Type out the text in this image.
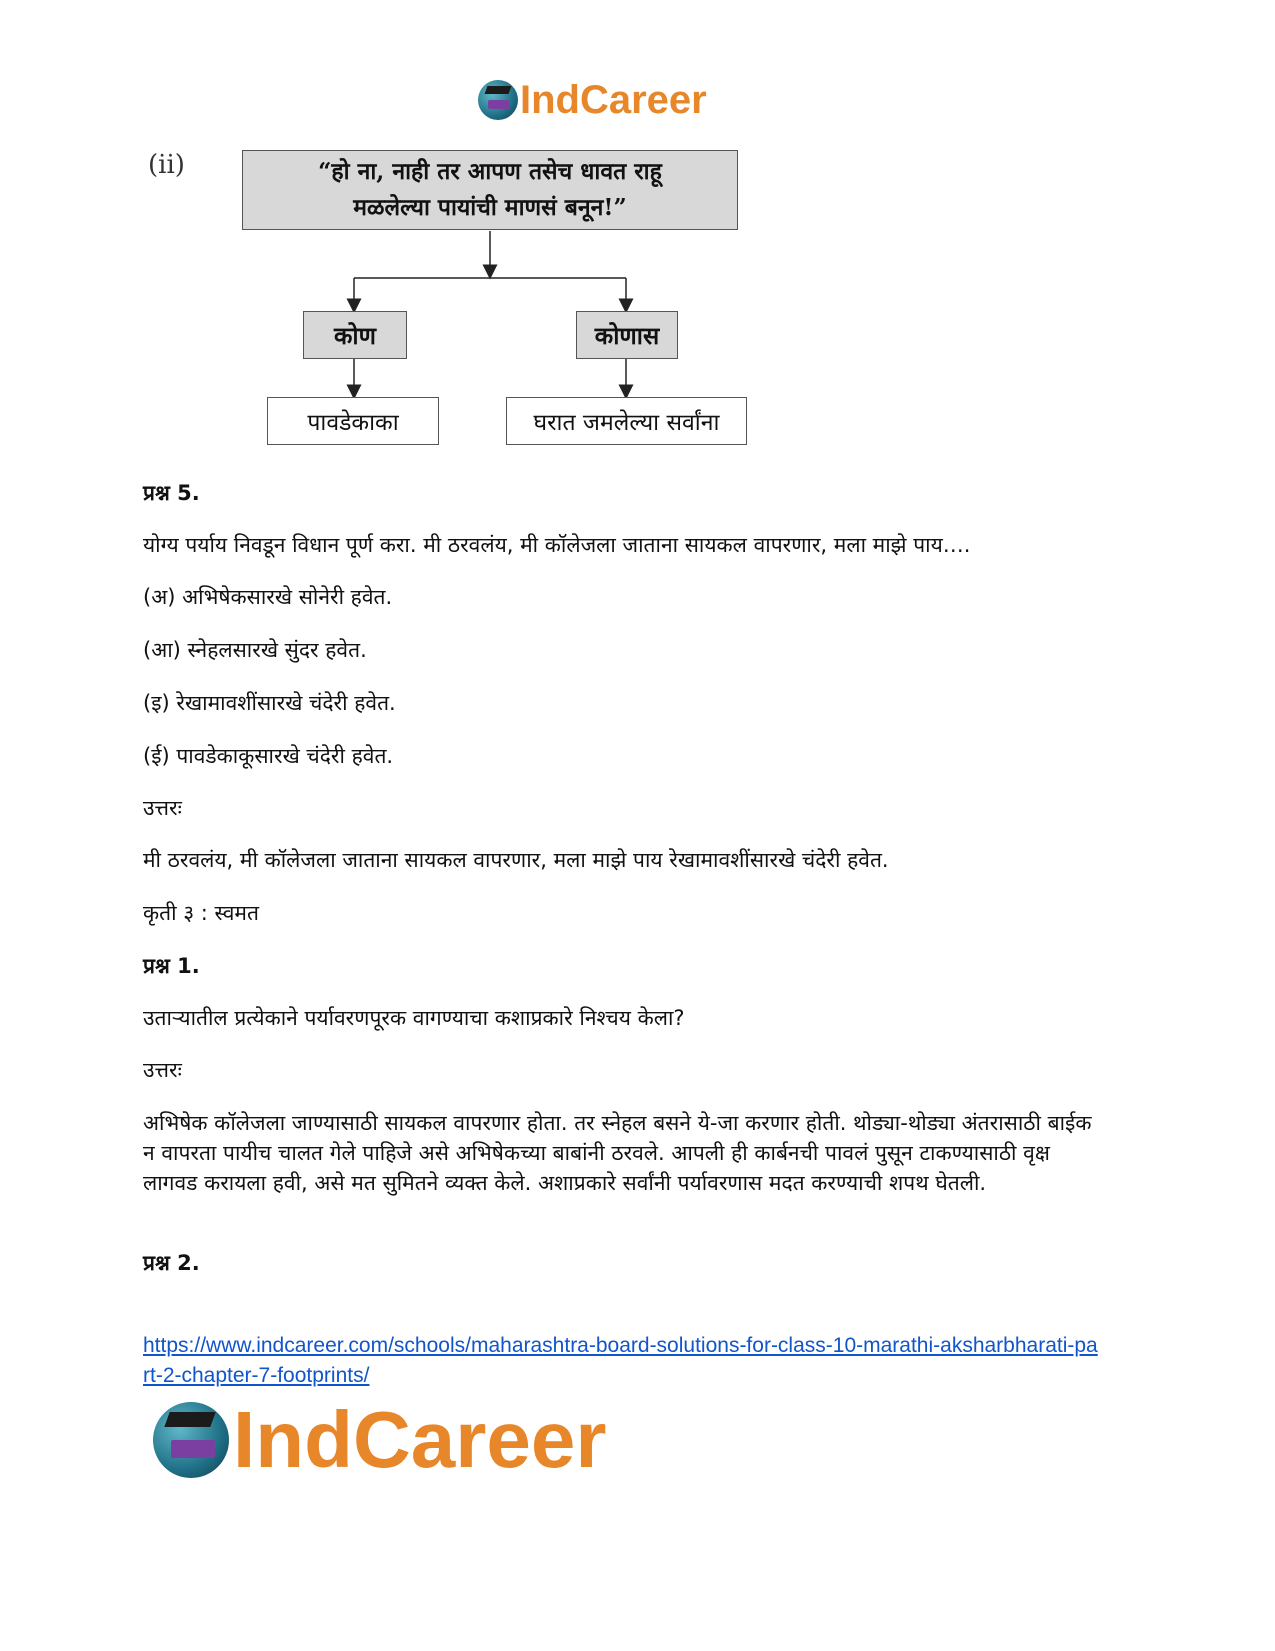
IndCareer
(ii)	“हो ना, नाही तर आपण तसेच धावत राहू मळलेल्या पायांची माणसं बनून!”
कोण	कोणास
पावडेकाका	घरात जमलेल्या सर्वांना
प्रश्न 5.
योग्य पर्याय निवडून विधान पूर्ण करा. मी ठरवलंय, मी कॉलेजला जाताना सायकल वापरणार, मला माझे पाय….
(अ) अभिषेकसारखे सोनेरी हवेत.
(आ) स्नेहलसारखे सुंदर हवेत.
(इ) रेखामावशींसारखे चंदेरी हवेत.
(ई) पावडेकाकूसारखे चंदेरी हवेत.
उत्तरः
मी ठरवलंय, मी कॉलेजला जाताना सायकल वापरणार, मला माझे पाय रेखामावशींसारखे चंदेरी हवेत.
कृती ३ : स्वमत
प्रश्न 1.
उताऱ्यातील प्रत्येकाने पर्यावरणपूरक वागण्याचा कशाप्रकारे निश्चय केला?
उत्तरः
अभिषेक कॉलेजला जाण्यासाठी सायकल वापरणार होता. तर स्नेहल बसने ये-जा करणार होती. थोड्या-थोड्या अंतरासाठी बाईक न वापरता पायीच चालत गेले पाहिजे असे अभिषेकच्या बाबांनी ठरवले. आपली ही कार्बनची पावलं पुसून टाकण्यासाठी वृक्ष लागवड करायला हवी, असे मत सुमितने व्यक्त केले. अशाप्रकारे सर्वांनी पर्यावरणास मदत करण्याची शपथ घेतली.
प्रश्न 2.
https://www.indcareer.com/schools/maharashtra-board-solutions-for-class-10-marathi-aksharbharati-part-2-chapter-7-footprints/
IndCareer
